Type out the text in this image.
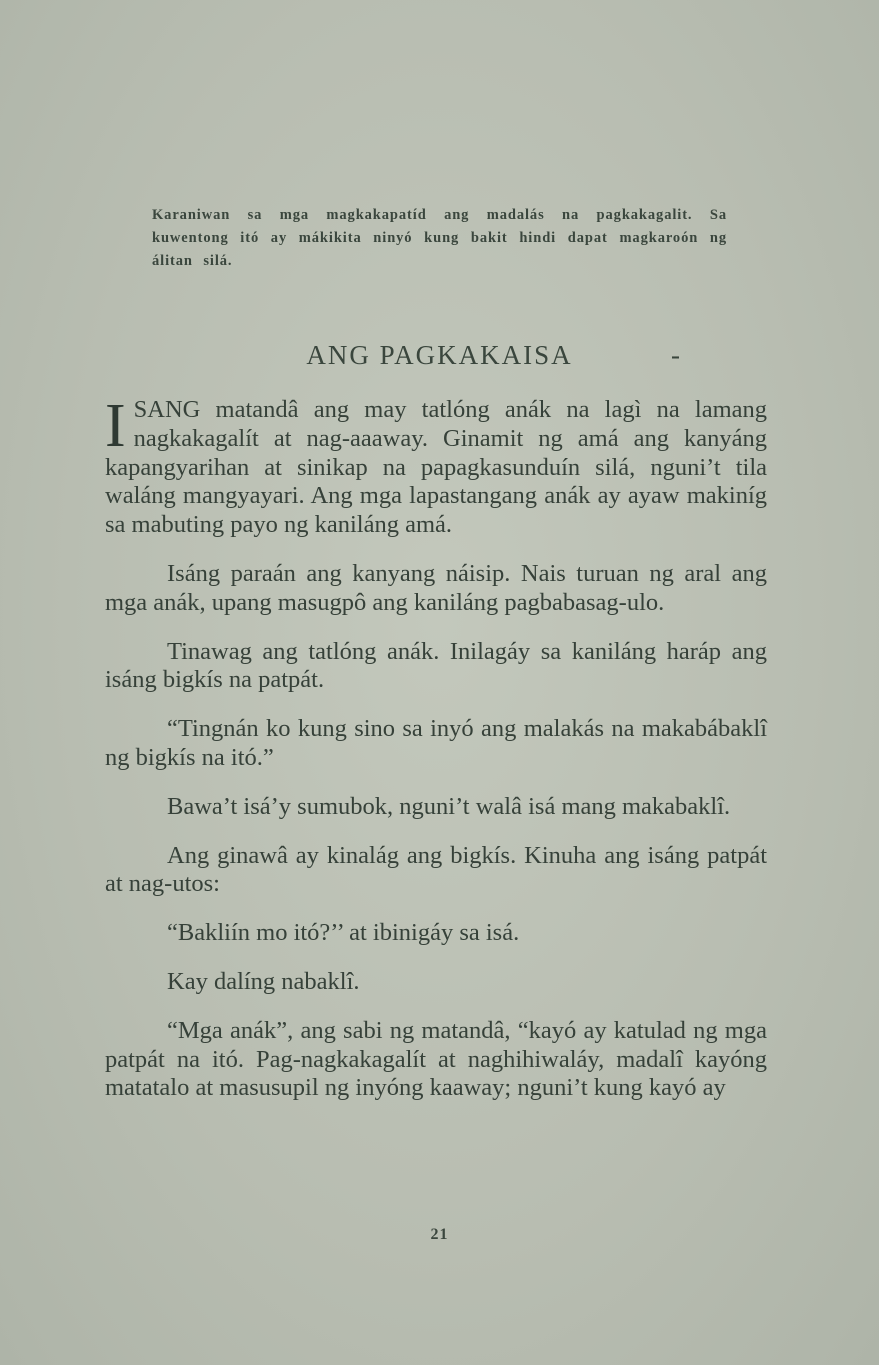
Karaniwan sa mga magkakapatíd ang madalás na pagkakagalit. Sa kuwentong itó ay mákikita ninyó kung bakit hindi dapat magkaroón ng álitan silá.
ANG PAGKAKAISA	-

ISANG matandâ ang may tatlóng anák na lagì na lamang nagkakagalít at nag-aaaway. Ginamit ng amá ang kanyáng kapangyarihan at sinikap na papagkasunduín silá, nguni’t tila waláng mangyayari. Ang mga lapastangang anák ay ayaw makiníg sa mabuting payo ng kaniláng amá.

Isáng paraán ang kanyang náisip. Nais turuan ng aral ang mga anák, upang masugpô ang kaniláng pagbabasag-ulo.

Tinawag ang tatlóng anák. Inilagáy sa kaniláng haráp ang isáng bigkís na patpát.

“Tingnán ko kung sino sa inyó ang malakás na makabábaklî ng bigkís na itó.”

Bawa’t isá’y sumubok, nguni’t walâ isá mang makabaklî.

Ang ginawâ ay kinalág ang bigkís. Kinuha ang isáng patpát at nag-utos:

“Bakliín mo itó?’’ at ibinigáy sa isá.

Kay dalíng nabaklî.

“Mga anák”, ang sabi ng matandâ, “kayó ay katulad ng mga patpát na itó. Pag-nagkakagalít at naghihiwaláy, madalî kayóng matatalo at masusupil ng inyóng kaaway; nguni’t kung kayó ay

21
